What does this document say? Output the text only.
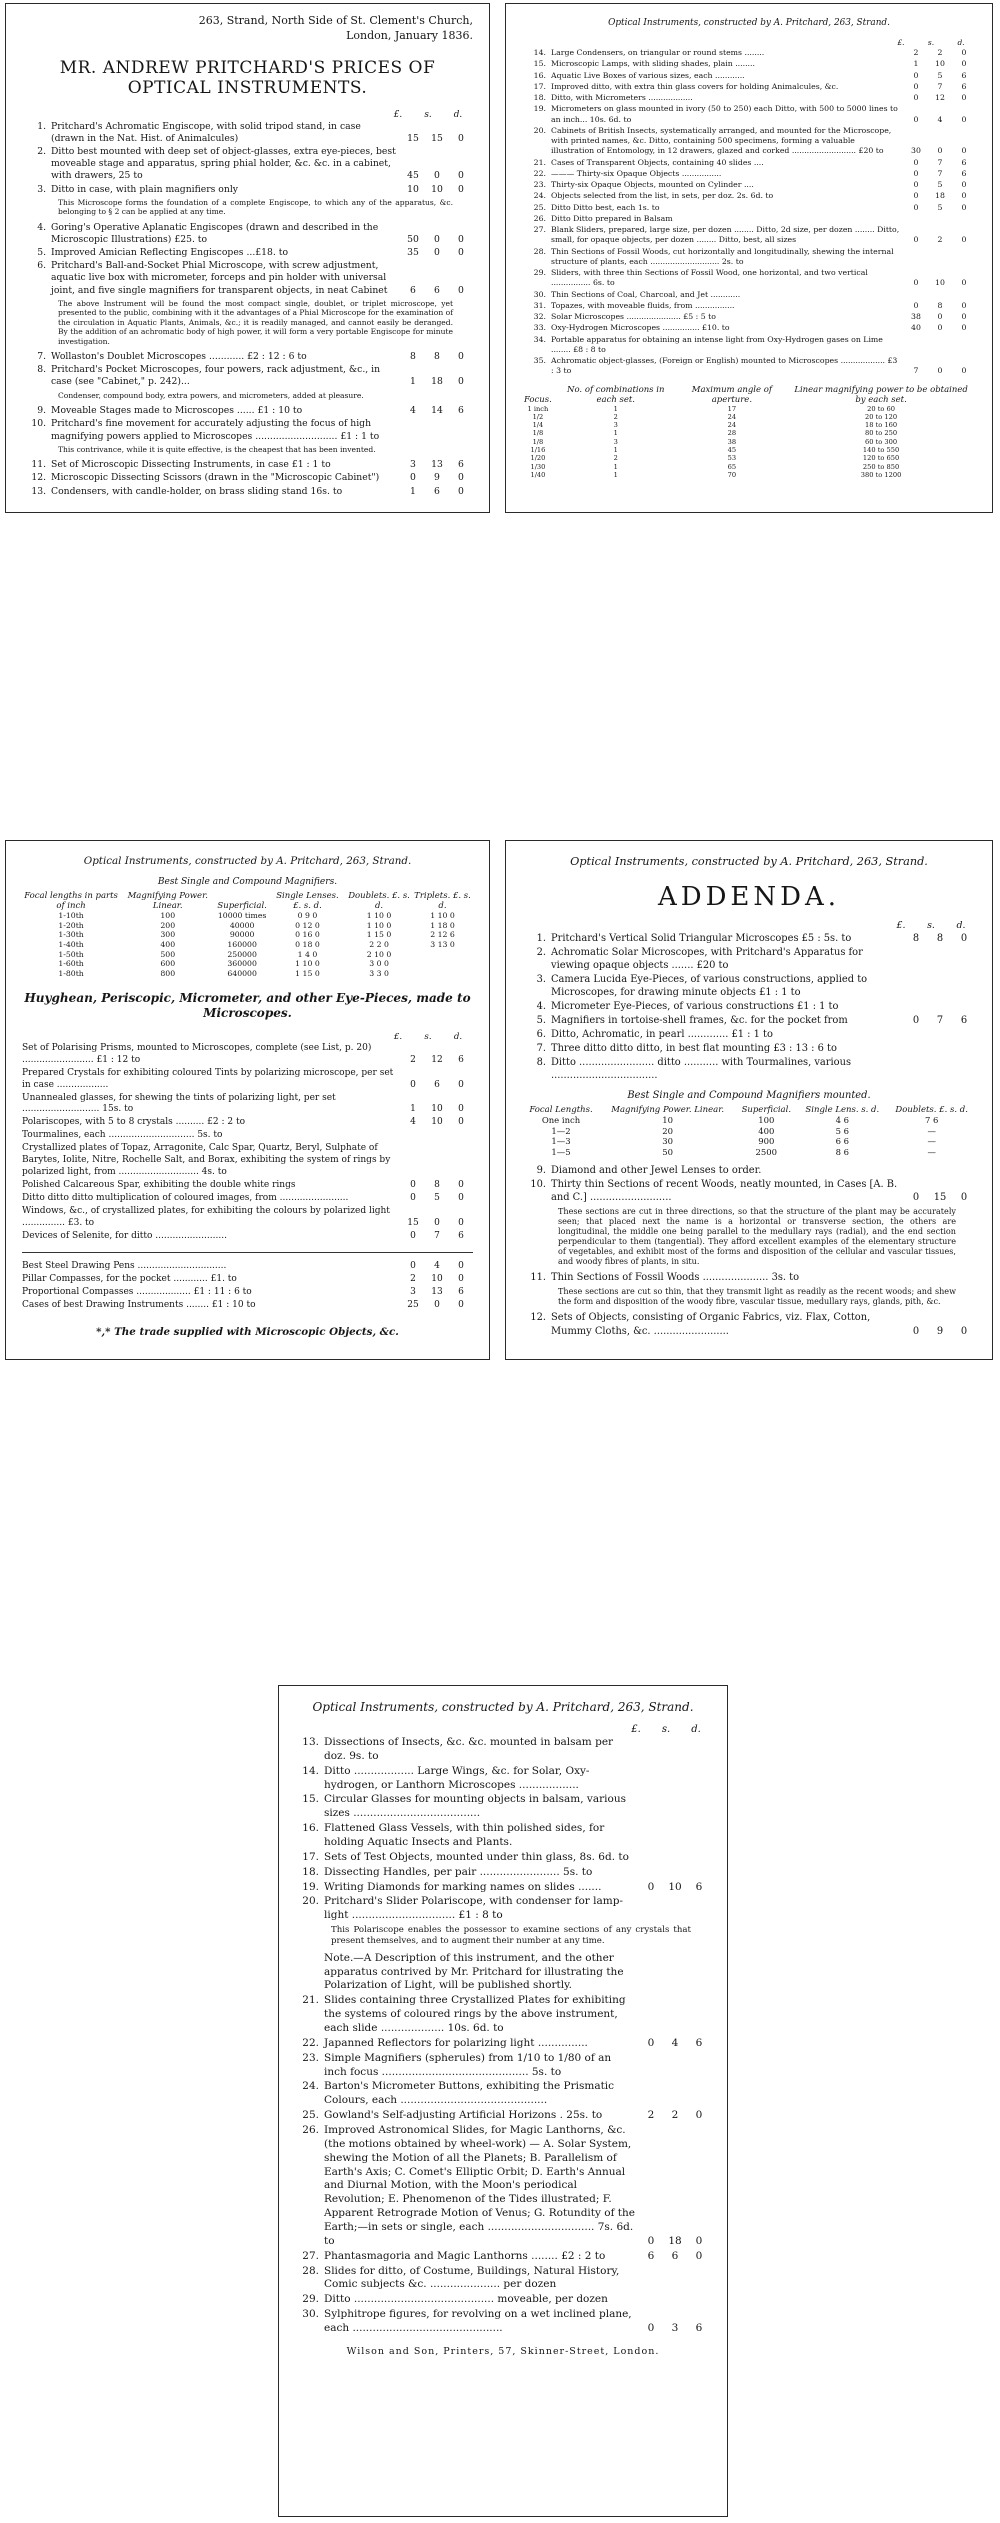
263, Strand, North Side of St. Clement's Church,
London, January 1836.
MR. ANDREW PRITCHARD'S PRICES OF OPTICAL INSTRUMENTS.
£.	s.	d.
1. Pritchard's Achromatic Engiscope, with solid tripod stand, in case (drawn in the Nat. Hist. of Animalcules)	15	15	0
2. Ditto best mounted with deep set of object-glasses, extra eye-pieces, best moveable stage and apparatus, spring phial holder, &c. &c. in a cabinet, with drawers, 25 to	45	0	0
3. Ditto in case, with plain magnifiers only	10	10	0
This Microscope forms the foundation of a complete Engiscope, to which any of the apparatus, &c. belonging to § 2 can be applied at any time.
4. Goring's Operative Aplanatic Engiscopes (drawn and described in the Microscopic Illustrations) £25. to	50	0	0
5. Improved Amician Reflecting Engiscopes ...£18. to	35	0	0
6. Pritchard's Ball-and-Socket Phial Microscope, with screw adjustment, aquatic live box with micrometer, forceps and pin holder with universal joint, and five single magnifiers for transparent objects, in neat Cabinet	6	6	0
The above Instrument will be found the most compact single, doublet, or triplet microscope, yet presented to the public, combining with it the advantages of a Phial Microscope for the examination of the circulation in Aquatic Plants, Animals, &c.; it is readily managed, and cannot easily be deranged. By the addition of an achromatic body of high power, it will form a very portable Engiscope for minute investigation.
7. Wollaston's Doublet Microscopes ............ £2 : 12 : 6 to	8	8	0
8. Pritchard's Pocket Microscopes, four powers, rack adjustment, &c., in case (see "Cabinet," p. 242)...	1	18	0
Condenser, compound body, extra powers, and micrometers, added at pleasure.
9. Moveable Stages made to Microscopes ...... £1 : 10 to	4	14	6
10. Pritchard's fine movement for accurately adjusting the focus of high magnifying powers applied to Microscopes ............................ £1 : 1 to
This contrivance, while it is quite effective, is the cheapest that has been invented.
11. Set of Microscopic Dissecting Instruments, in case £1 : 1 to	3	13	6
12. Microscopic Dissecting Scissors (drawn in the "Microscopic Cabinet")	0	9	0
13. Condensers, with candle-holder, on brass sliding stand 16s. to	1	6	0
Optical Instruments, constructed by A. Pritchard, 263, Strand.
£.	s.	d.
14. Large Condensers, on triangular or round stems ........	2	2	0
15. Microscopic Lamps, with sliding shades, plain ........	1	10	0
16. Aquatic Live Boxes of various sizes, each ............	0	5	6
17. Improved ditto, with extra thin glass covers for holding Animalcules, &c.	0	7	6
18. Ditto, with Micrometers ..................	0	12	0
19. Micrometers on glass mounted in ivory (50 to 250) each Ditto, with 500 to 5000 lines to an inch... 10s. 6d. to	0	4	0
20. Cabinets of British Insects, systematically arranged, and mounted for the Microscope, with printed names, &c. Ditto, containing 500 specimens, forming a valuable illustration of Entomology, in 12 drawers, glazed and corked .......................... £20 to	30	0	0
21. Cases of Transparent Objects, containing 40 slides ....	0	7	6
22. ——— Thirty-six Opaque Objects ................	0	7	6
23. Thirty-six Opaque Objects, mounted on Cylinder ....	0	5	0
24. Objects selected from the list, in sets, per doz. 2s. 6d. to	0	18	0
25. Ditto Ditto best, each 1s. to	0	5	0
26. Ditto Ditto prepared in Balsam
27. Blank Sliders, prepared, large size, per dozen ........ Ditto, 2d size, per dozen ........ Ditto, small, for opaque objects, per dozen ........ Ditto, best, all sizes	0	2	0
28. Thin Sections of Fossil Woods, cut horizontally and longitudinally, shewing the internal structure of plants, each ............................ 2s. to
29. Sliders, with three thin Sections of Fossil Wood, one horizontal, and two vertical ................ 6s. to	0	10	0
30. Thin Sections of Coal, Charcoal, and Jet ............
31. Topazes, with moveable fluids, from ................	0	8	0
32. Solar Microscopes ...................... £5 : 5 to	38	0	0
33. Oxy-Hydrogen Microscopes ............... £10. to	40	0	0
34. Portable apparatus for obtaining an intense light from Oxy-Hydrogen gases on Lime ........ £8 : 8 to
35. Achromatic object-glasses, (Foreign or English) mounted to Microscopes .................. £3 : 3 to	7	0	0
Focus.	No. of combinations in each set.	Maximum angle of aperture.	Linear magnifying power to be obtained by each set.
1 inch	1	17	20 to 60
1/2	2	24	20 to 120
1/4	3	24	18 to 160
1/8	1	28	80 to 250
1/8	3	38	60 to 300
1/16	1	45	140 to 550
1/20	2	53	120 to 650
1/30	1	65	250 to 850
1/40	1	70	380 to 1200
Optical Instruments, constructed by A. Pritchard, 263, Strand.
Best Single and Compound Magnifiers.
Focal lengths in parts of inch	Magnifying Power. Linear.	Superficial.	Single Lenses. £. s. d.	Doublets. £. s. d.	Triplets. £. s. d.
1-10th	100	10000 times	0 9 0	1 10 0	1 10 0
1-20th	200	40000	0 12 0	1 10 0	1 18 0
1-30th	300	90000	0 16 0	1 15 0	2 12 6
1-40th	400	160000	0 18 0	2 2 0	3 13 0
1-50th	500	250000	1 4 0	2 10 0	
1-60th	600	360000	1 10 0	3 0 0	
1-80th	800	640000	1 15 0	3 3 0	
Huyghean, Periscopic, Micrometer, and other Eye-Pieces, made to Microscopes.
£.	s.	d.
Set of Polarising Prisms, mounted to Microscopes, complete (see List, p. 20) ......................... £1 : 12 to	2	12	6
Prepared Crystals for exhibiting coloured Tints by polarizing microscope, per set in case ..................	0	6	0
Unannealed glasses, for shewing the tints of polarizing light, per set ........................... 15s. to	1	10	0
Polariscopes, with 5 to 8 crystals .......... £2 : 2 to	4	10	0
Tourmalines, each .............................. 5s. to
Crystallized plates of Topaz, Arragonite, Calc Spar, Quartz, Beryl, Sulphate of Barytes, Iolite, Nitre, Rochelle Salt, and Borax, exhibiting the system of rings by polarized light, from ............................ 4s. to
Polished Calcareous Spar, exhibiting the double white rings	0	8	0
Ditto ditto ditto multiplication of coloured images, from ........................	0	5	0
Windows, &c., of crystallized plates, for exhibiting the colours by polarized light ............... £3. to	15	0	0
Devices of Selenite, for ditto .........................	0	7	6
Best Steel Drawing Pens ...............................	0	4	0
Pillar Compasses, for the pocket ............ £1. to	2	10	0
Proportional Compasses ................... £1 : 11 : 6 to	3	13	6
Cases of best Drawing Instruments ........ £1 : 10 to	25	0	0
*,* The trade supplied with Microscopic Objects, &c.
Optical Instruments, constructed by A. Pritchard, 263, Strand.
ADDENDA.
£.	s.	d.
1. Pritchard's Vertical Solid Triangular Microscopes £5 : 5s. to	8	8	0
2. Achromatic Solar Microscopes, with Pritchard's Apparatus for viewing opaque objects ....... £20 to
3. Camera Lucida Eye-Pieces, of various constructions, applied to Microscopes, for drawing minute objects £1 : 1 to
4. Micrometer Eye-Pieces, of various constructions £1 : 1 to
5. Magnifiers in tortoise-shell frames, &c. for the pocket from	0	7	6
6. Ditto, Achromatic, in pearl ............. £1 : 1 to
7. Three ditto ditto ditto, in best flat mounting £3 : 13 : 6 to
8. Ditto ........................ ditto ........... with Tourmalines, various ..................................
Best Single and Compound Magnifiers mounted.
Focal Lengths.	Magnifying Power. Linear.	Superficial.	Single Lens. s. d.	Doublets. £. s. d.
One inch	10	100	4 6	7 6
1—2	20	400	5 6	—
1—3	30	900	6 6	—
1—5	50	2500	8 6	—
9. Diamond and other Jewel Lenses to order.
10. Thirty thin Sections of recent Woods, neatly mounted, in Cases [A. B. and C.] ..........................	0	15	0
These sections are cut in three directions, so that the structure of the plant may be accurately seen; that placed next the name is a horizontal or transverse section, the others are longitudinal, the middle one being parallel to the medullary rays (radial), and the end section perpendicular to them (tangential). They afford excellent examples of the elementary structure of vegetables, and exhibit most of the forms and disposition of the cellular and vascular tissues, and woody fibres of plants, in situ.
11. Thin Sections of Fossil Woods ..................... 3s. to
These sections are cut so thin, that they transmit light as readily as the recent woods; and shew the form and disposition of the woody fibre, vascular tissue, medullary rays, glands, pith, &c.
12. Sets of Objects, consisting of Organic Fabrics, viz. Flax, Cotton, Mummy Cloths, &c. ........................	0	9	0
Optical Instruments, constructed by A. Pritchard, 263, Strand.
£.	s.	d.
13. Dissections of Insects, &c. &c. mounted in balsam per doz. 9s. to
14. Ditto .................. Large Wings, &c. for Solar, Oxy-hydrogen, or Lanthorn Microscopes ..................
15. Circular Glasses for mounting objects in balsam, various sizes ......................................
16. Flattened Glass Vessels, with thin polished sides, for holding Aquatic Insects and Plants.
17. Sets of Test Objects, mounted under thin glass, 8s. 6d. to
18. Dissecting Handles, per pair ........................ 5s. to
19. Writing Diamonds for marking names on slides .......	0	10	6
20. Pritchard's Slider Polariscope, with condenser for lamp-light ............................... £1 : 8 to
This Polariscope enables the possessor to examine sections of any crystals that present themselves, and to augment their number at any time.
Note.—A Description of this instrument, and the other apparatus contrived by Mr. Pritchard for illustrating the Polarization of Light, will be published shortly.
21. Slides containing three Crystallized Plates for exhibiting the systems of coloured rings by the above instrument, each slide ................... 10s. 6d. to
22. Japanned Reflectors for polarizing light ...............	0	4	6
23. Simple Magnifiers (spherules) from 1/10 to 1/80 of an inch focus ............................................ 5s. to
24. Barton's Micrometer Buttons, exhibiting the Prismatic Colours, each ............................................
25. Gowland's Self-adjusting Artificial Horizons . 25s. to	2	2	0
26. Improved Astronomical Slides, for Magic Lanthorns, &c. (the motions obtained by wheel-work) — A. Solar System, shewing the Motion of all the Planets; B. Parallelism of Earth's Axis; C. Comet's Elliptic Orbit; D. Earth's Annual and Diurnal Motion, with the Moon's periodical Revolution; E. Phenomenon of the Tides illustrated; F. Apparent Retrograde Motion of Venus; G. Rotundity of the Earth;—in sets or single, each ................................ 7s. 6d. to	0	18	0
27. Phantasmagoria and Magic Lanthorns ........ £2 : 2 to	6	6	0
28. Slides for ditto, of Costume, Buildings, Natural History, Comic subjects &c. ..................... per dozen
29. Ditto .......................................... moveable, per dozen
30. Sylphitrope figures, for revolving on a wet inclined plane, each .............................................	0	3	6
Wilson and Son, Printers, 57, Skinner-Street, London.
